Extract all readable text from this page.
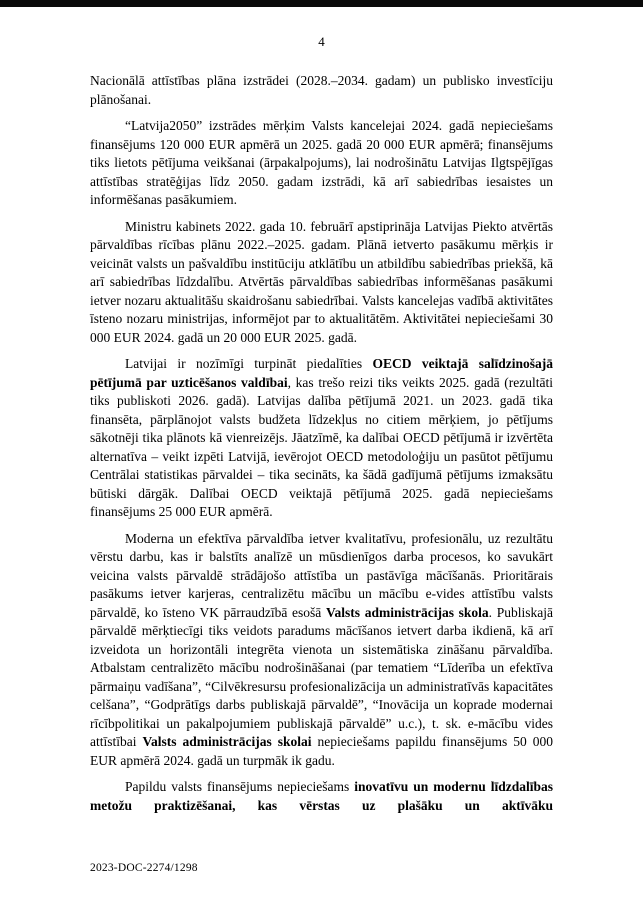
4

Nacionālā attīstības plāna izstrādei (2028.–2034. gadam) un publisko investīciju plānošanai.

“Latvija2050” izstrādes mērķim Valsts kancelejai 2024. gadā nepieciešams finansējums 120 000 EUR apmērā un 2025. gadā 20 000 EUR apmērā; finansējums tiks lietots pētījuma veikšanai (ārpakalpojums), lai nodrošinātu Latvijas Ilgtspējīgas attīstības stratēģijas līdz 2050. gadam izstrādi, kā arī sabiedrības iesaistes un informēšanas pasākumiem.

Ministru kabinets 2022. gada 10. februārī apstiprināja Latvijas Piekto atvērtās pārvaldības rīcības plānu 2022.–2025. gadam. Plānā ietverto pasākumu mērķis ir veicināt valsts un pašvaldību institūciju atklātību un atbildību sabiedrības priekšā, kā arī sabiedrības līdzdalību. Atvērtās pārvaldības sabiedrības informēšanas pasākumi ietver nozaru aktualitāšu skaidrošanu sabiedrībai. Valsts kancelejas vadībā aktivitātes īsteno nozaru ministrijas, informējot par to aktualitātēm. Aktivitātei nepieciešami 30 000 EUR 2024. gadā un 20 000 EUR 2025. gadā.

Latvijai ir nozīmīgi turpināt piedalīties OECD veiktajā salīdzinošajā pētījumā par uzticēšanos valdībai, kas trešo reizi tiks veikts 2025. gadā (rezultāti tiks publiskoti 2026. gadā). Latvijas dalība pētījumā 2021. un 2023. gadā tika finansēta, pārplānojot valsts budžeta līdzekļus no citiem mērķiem, jo pētījums sākotnēji tika plānots kā vienreizējs. Jāatzīmē, ka dalībai OECD pētījumā ir izvērtēta alternatīva – veikt izpēti Latvijā, ievērojot OECD metodoloģiju un pasūtot pētījumu Centrālai statistikas pārvaldei – tika secināts, ka šādā gadījumā pētījums izmaksātu būtiski dārgāk. Dalībai OECD veiktajā pētījumā 2025. gadā nepieciešams finansējums 25 000 EUR apmērā.

Moderna un efektīva pārvaldība ietver kvalitatīvu, profesionālu, uz rezultātu vērstu darbu, kas ir balstīts analīzē un mūsdienīgos darba procesos, ko savukārt veicina valsts pārvaldē strādājošo attīstība un pastāvīga mācīšanās. Prioritārais pasākums ietver karjeras, centralizētu mācību un mācību e-vides attīstību valsts pārvaldē, ko īsteno VK pārraudzībā esošā Valsts administrācijas skola. Publiskajā pārvaldē mērķtiecīgi tiks veidots paradums mācīšanos ietvert darba ikdienā, kā arī izveidota un horizontāli integrēta vienota un sistemātiska zināšanu pārvaldība. Atbalstam centralizēto mācību nodrošināšanai (par tematiem “Līderība un efektīva pārmaiņu vadīšana”, “Cilvēkresursu profesionalizācija un administratīvās kapacitātes celšana”, “Godprātīgs darbs publiskajā pārvaldē”, “Inovācija un koprade modernai rīcībpolitikai un pakalpojumiem publiskajā pārvaldē” u.c.), t. sk. e-mācību vides attīstībai Valsts administrācijas skolai nepieciešams papildu finansējums 50 000 EUR apmērā 2024. gadā un turpmāk ik gadu.

Papildu valsts finansējums nepieciešams inovatīvu un modernu līdzdalības metožu praktizēšanai, kas vērstas uz plašāku un aktīvāku

2023-DOC-2274/1298
